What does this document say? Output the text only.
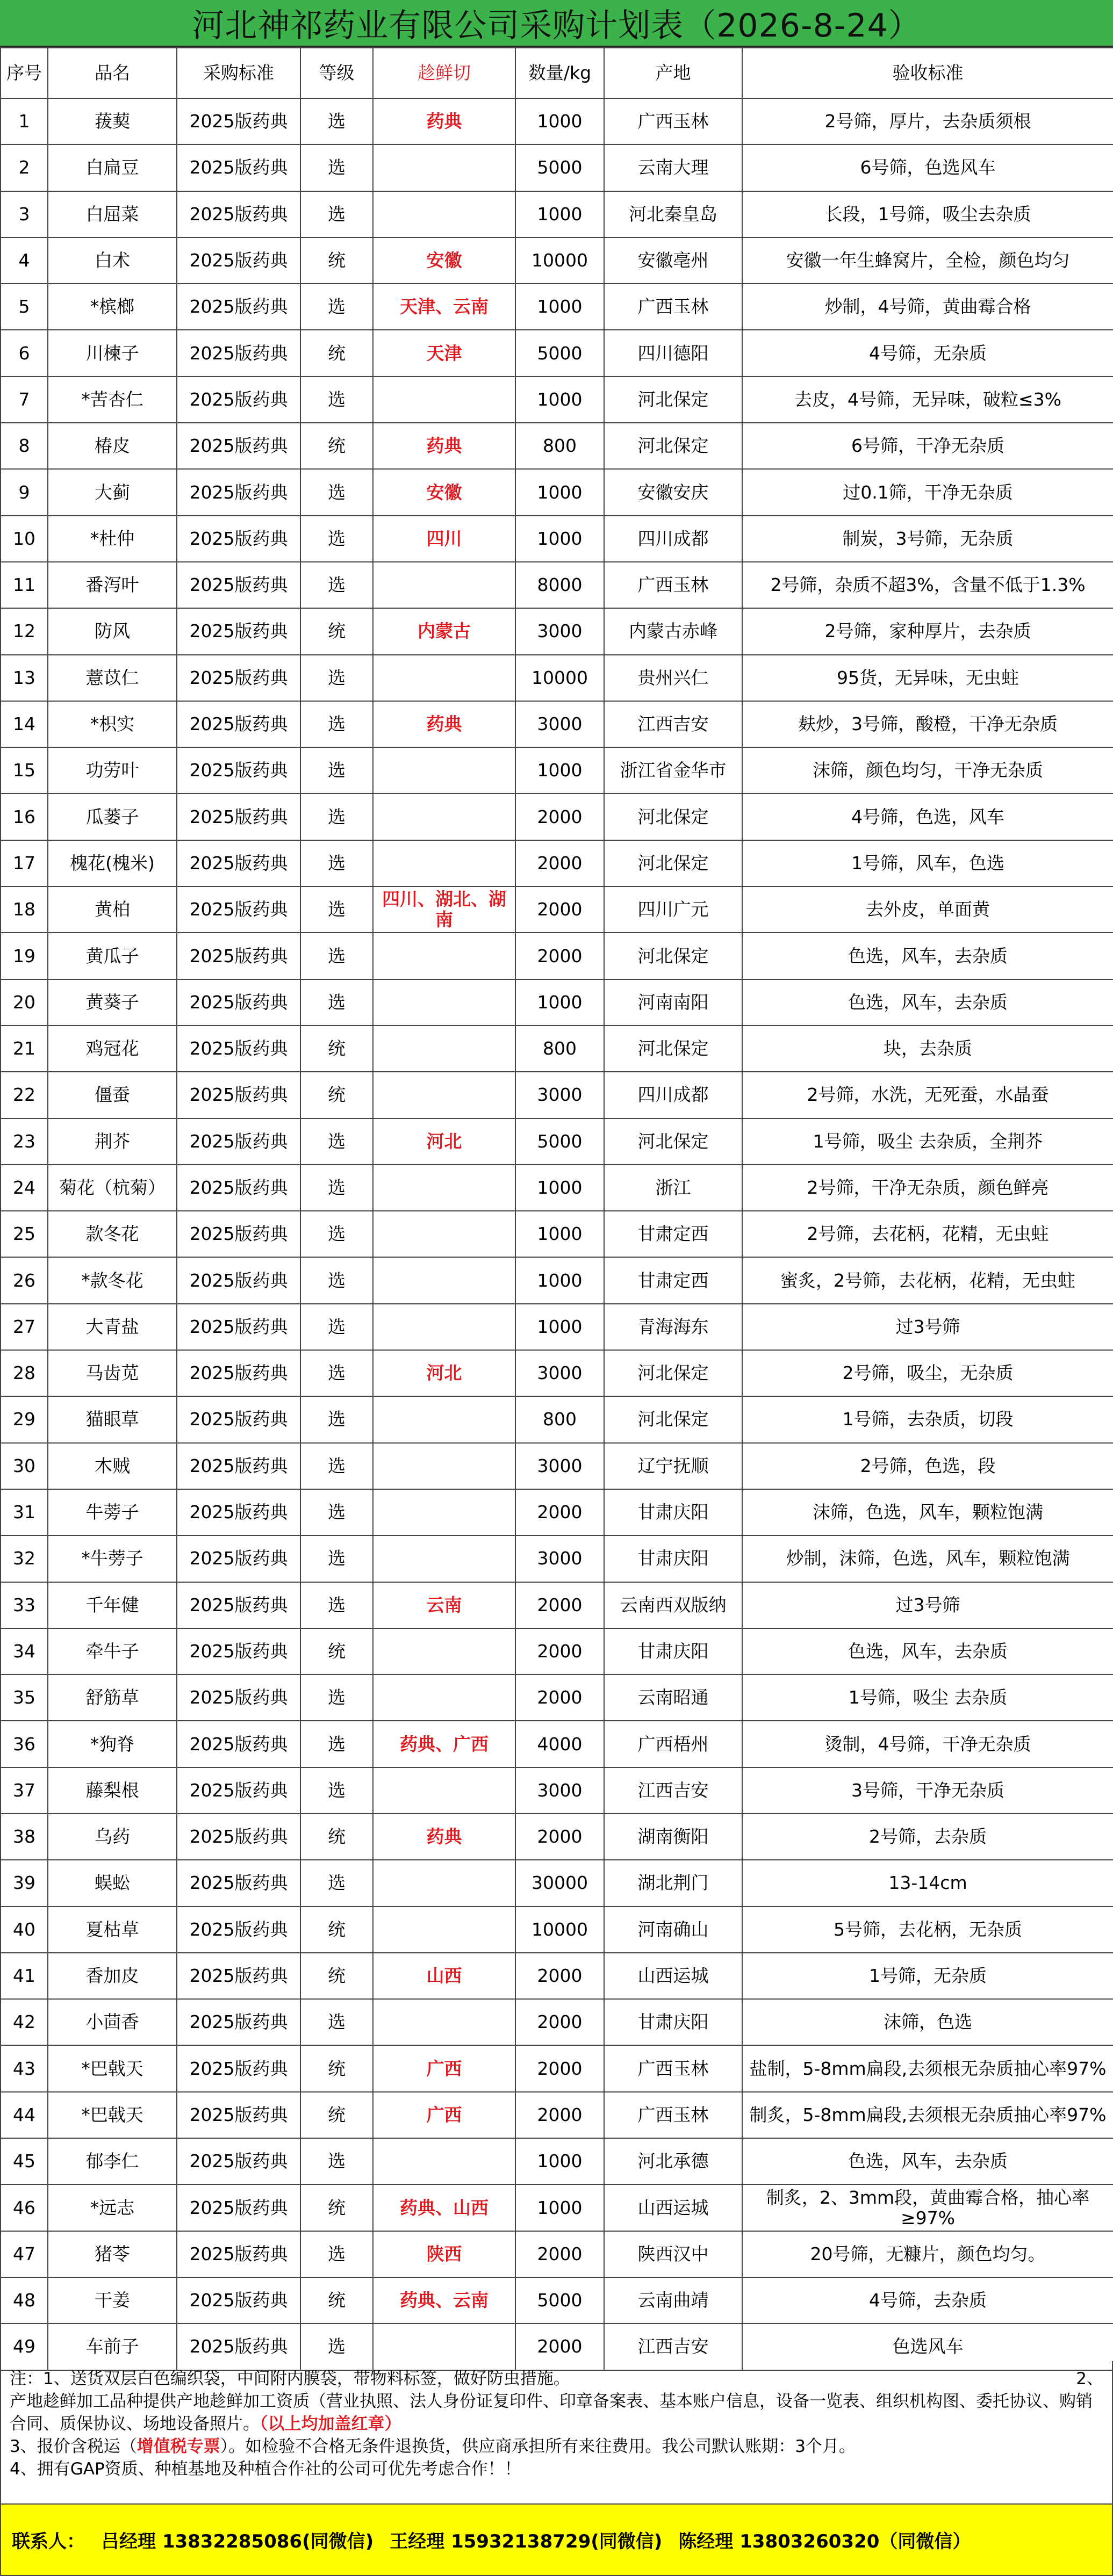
河北神祁药业有限公司采购计划表（2026-8-24）
序号	品名	采购标准	等级	趁鲜切	数量/kg	产地	验收标准
1	菝葜	2025版药典	选	药典	1000	广西玉林	2号筛，厚片，去杂质须根
2	白扁豆	2025版药典	选		5000	云南大理	6号筛，色选风车
3	白屈菜	2025版药典	选		1000	河北秦皇岛	长段，1号筛，吸尘去杂质
4	白术	2025版药典	统	安徽	10000	安徽亳州	安徽一年生蜂窝片，全检，颜色均匀
5	*槟榔	2025版药典	选	天津、云南	1000	广西玉林	炒制，4号筛，黄曲霉合格
6	川楝子	2025版药典	统	天津	5000	四川德阳	4号筛，无杂质
7	*苦杏仁	2025版药典	选		1000	河北保定	去皮，4号筛，无异味，破粒≤3%
8	椿皮	2025版药典	统	药典	800	河北保定	6号筛，干净无杂质
9	大蓟	2025版药典	选	安徽	1000	安徽安庆	过0.1筛，干净无杂质
10	*杜仲	2025版药典	选	四川	1000	四川成都	制炭，3号筛，无杂质
11	番泻叶	2025版药典	选		8000	广西玉林	2号筛，杂质不超3%，含量不低于1.3%
12	防风	2025版药典	统	内蒙古	3000	内蒙古赤峰	2号筛，家种厚片，去杂质
13	薏苡仁	2025版药典	选		10000	贵州兴仁	95货，无异味，无虫蛀
14	*枳实	2025版药典	选	药典	3000	江西吉安	麸炒，3号筛，酸橙，干净无杂质
15	功劳叶	2025版药典	选		1000	浙江省金华市	沫筛，颜色均匀，干净无杂质
16	瓜蒌子	2025版药典	选		2000	河北保定	4号筛，色选，风车
17	槐花(槐米)	2025版药典	选		2000	河北保定	1号筛，风车，色选
18	黄柏	2025版药典	选	四川、湖北、湖南	2000	四川广元	去外皮，单面黄
19	黄瓜子	2025版药典	选		2000	河北保定	色选，风车，去杂质
20	黄葵子	2025版药典	选		1000	河南南阳	色选，风车，去杂质
21	鸡冠花	2025版药典	统		800	河北保定	块，去杂质
22	僵蚕	2025版药典	统		3000	四川成都	2号筛，水洗，无死蚕，水晶蚕
23	荆芥	2025版药典	选	河北	5000	河北保定	1号筛，吸尘 去杂质，全荆芥
24	菊花（杭菊）	2025版药典	选		1000	浙江	2号筛，干净无杂质，颜色鲜亮
25	款冬花	2025版药典	选		1000	甘肃定西	2号筛，去花柄，花精，无虫蛀
26	*款冬花	2025版药典	选		1000	甘肃定西	蜜炙，2号筛，去花柄，花精，无虫蛀
27	大青盐	2025版药典	选		1000	青海海东	过3号筛
28	马齿苋	2025版药典	选	河北	3000	河北保定	2号筛，吸尘，无杂质
29	猫眼草	2025版药典	选		800	河北保定	1号筛，去杂质，切段
30	木贼	2025版药典	选		3000	辽宁抚顺	2号筛，色选，段
31	牛蒡子	2025版药典	选		2000	甘肃庆阳	沫筛，色选，风车，颗粒饱满
32	*牛蒡子	2025版药典	选		3000	甘肃庆阳	炒制，沫筛，色选，风车，颗粒饱满
33	千年健	2025版药典	选	云南	2000	云南西双版纳	过3号筛
34	牵牛子	2025版药典	统		2000	甘肃庆阳	色选，风车，去杂质
35	舒筋草	2025版药典	选		2000	云南昭通	1号筛，吸尘 去杂质
36	*狗脊	2025版药典	选	药典、广西	4000	广西梧州	烫制，4号筛，干净无杂质
37	藤梨根	2025版药典	选		3000	江西吉安	3号筛，干净无杂质
38	乌药	2025版药典	统	药典	2000	湖南衡阳	2号筛，去杂质
39	蜈蚣	2025版药典	选		30000	湖北荆门	13-14cm
40	夏枯草	2025版药典	统		10000	河南确山	5号筛，去花柄，无杂质
41	香加皮	2025版药典	统	山西	2000	山西运城	1号筛，无杂质
42	小茴香	2025版药典	选		2000	甘肃庆阳	沫筛，色选
43	*巴戟天	2025版药典	统	广西	2000	广西玉林	盐制，5-8mm扁段,去须根无杂质抽心率97%
44	*巴戟天	2025版药典	统	广西	2000	广西玉林	制炙，5-8mm扁段,去须根无杂质抽心率97%
45	郁李仁	2025版药典	选		1000	河北承德	色选，风车，去杂质
46	*远志	2025版药典	统	药典、山西	1000	山西运城	制炙，2、3mm段，黄曲霉合格，抽心率≥97%
47	猪苓	2025版药典	选	陕西	2000	陕西汉中	20号筛，无糠片，颜色均匀。
48	干姜	2025版药典	统	药典、云南	5000	云南曲靖	4号筛，去杂质
49	车前子	2025版药典	选		2000	江西吉安	色选风车
注：1、送货双层白色编织袋，中间附内膜袋，带物料标签，做好防虫措施。	2、
产地趁鲜加工品种提供产地趁鲜加工资质（营业执照、法人身份证复印件、印章备案表、基本账户信息，设备一览表、组织机构图、委托协议、购销合同、质保协议、场地设备照片。（以上均加盖红章）
3、报价含税运（增值税专票）。如检验不合格无条件退换货，供应商承担所有来往费用。我公司默认账期：3个月。
4、拥有GAP资质、种植基地及种植合作社的公司可优先考虑合作！！
联系人： 吕经理 13832285086(同微信) 王经理 15932138729(同微信) 陈经理 13803260320（同微信）
